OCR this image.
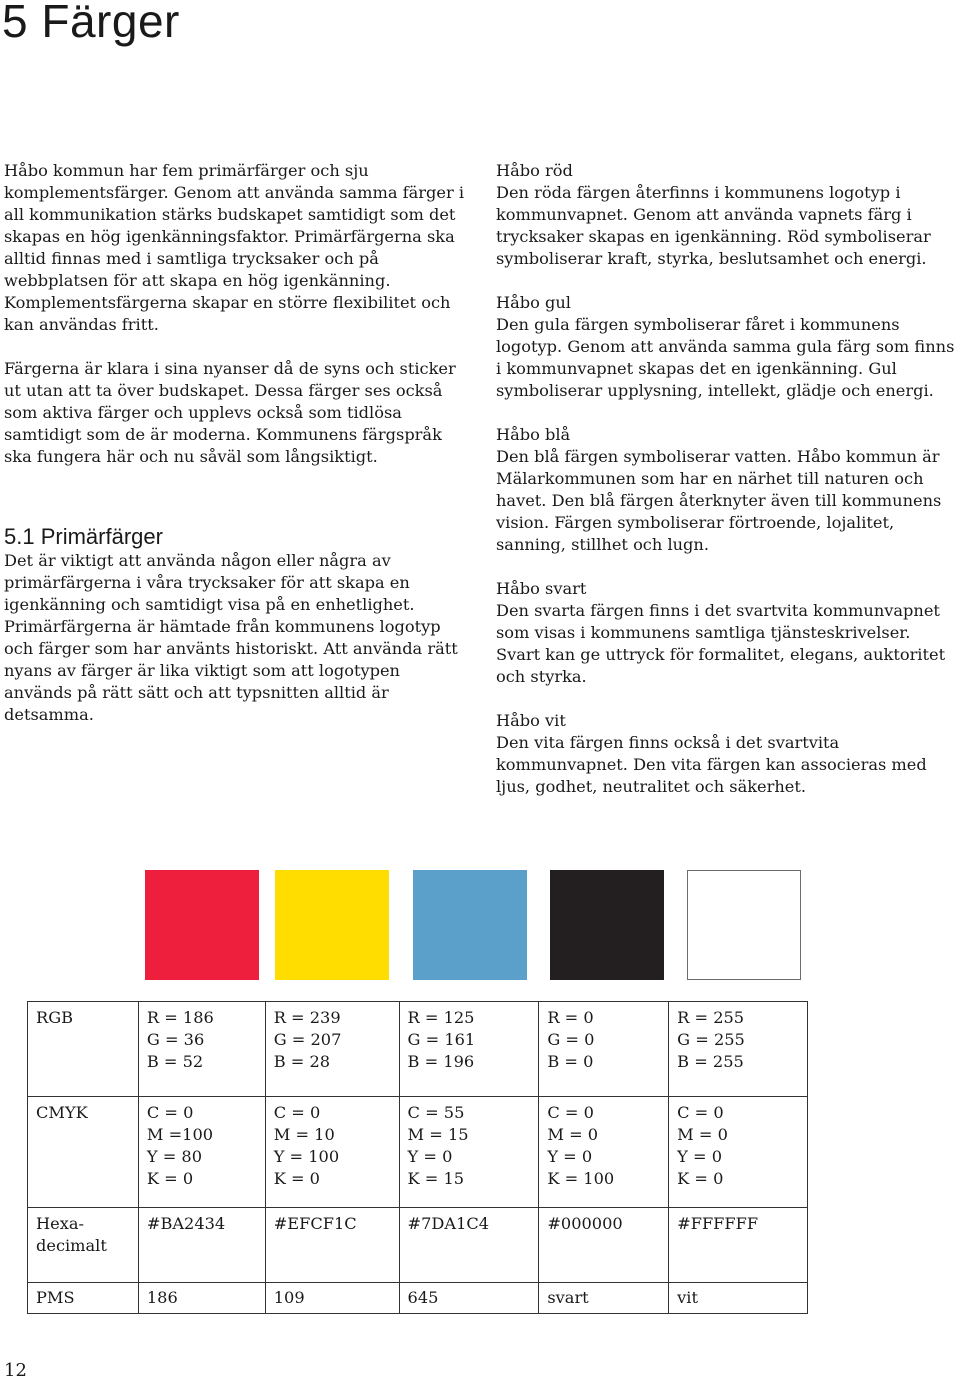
5 Färger

Håbo kommun har fem primärfärger och sju komplementsfärger. Genom att använda samma färger i all kommunikation stärks budskapet samtidigt som det skapas en hög igenkänningsfaktor. Primärfärgerna ska alltid finnas med i samtliga trycksaker och på webbplatsen för att skapa en hög igenkänning. Komplementsfärgerna skapar en större flexibilitet och kan användas fritt.

Färgerna är klara i sina nyanser då de syns och sticker ut utan att ta över budskapet. Dessa färger ses också som aktiva färger och upplevs också som tidlösa samtidigt som de är moderna. Kommunens färgspråk ska fungera här och nu såväl som långsiktigt.

5.1 Primärfärger

Det är viktigt att använda någon eller några av primärfärgerna i våra trycksaker för att skapa en igenkänning och samtidigt visa på en enhetlighet. Primärfärgerna är hämtade från kommunens logotyp och färger som har använts historiskt. Att använda rätt nyans av färger är lika viktigt som att logotypen används på rätt sätt och att typsnitten alltid är detsamma.

Håbo röd
Den röda färgen återfinns i kommunens logotyp i kommunvapnet. Genom att använda vapnets färg i trycksaker skapas en igenkänning. Röd symboliserar symboliserar kraft, styrka, beslutsamhet och energi.
Håbo gul
Den gula färgen symboliserar fåret i kommunens logotyp. Genom att använda samma gula färg som finns i kommunvapnet skapas det en igenkänning. Gul symboliserar upplysning, intellekt, glädje och energi.
Håbo blå
Den blå färgen symboliserar vatten. Håbo kommun är Mälarkommunen som har en närhet till naturen och havet. Den blå färgen återknyter även till kommunens vision. Färgen symboliserar förtroende, lojalitet, sanning, stillhet och lugn.
Håbo svart
Den svarta färgen finns i det svartvita kommunvapnet som visas i kommunens samtliga tjänsteskrivelser. Svart kan ge uttryck för formalitet, elegans, auktoritet och styrka.
Håbo vit
Den vita färgen finns också i det svartvita kommunvapnet. Den vita färgen kan associeras med ljus, godhet, neutralitet och säkerhet.
RGB	R = 186
G = 36
B = 52	R = 239
G = 207
B = 28	R = 125
G = 161
B = 196	R = 0
G = 0
B = 0	R = 255
G = 255
B = 255

CMYK	C = 0
M =100
Y = 80
K = 0	C = 0
M = 10
Y = 100
K = 0	C = 55
M = 15
Y = 0
K = 15	C = 0
M = 0
Y = 0
K = 100	C = 0
M = 0
Y = 0
K = 0

Hexa-
decimalt	#BA2434	#EFCF1C	#7DA1C4	#000000	#FFFFFF
PMS	186	109	645	svart	vit
12
